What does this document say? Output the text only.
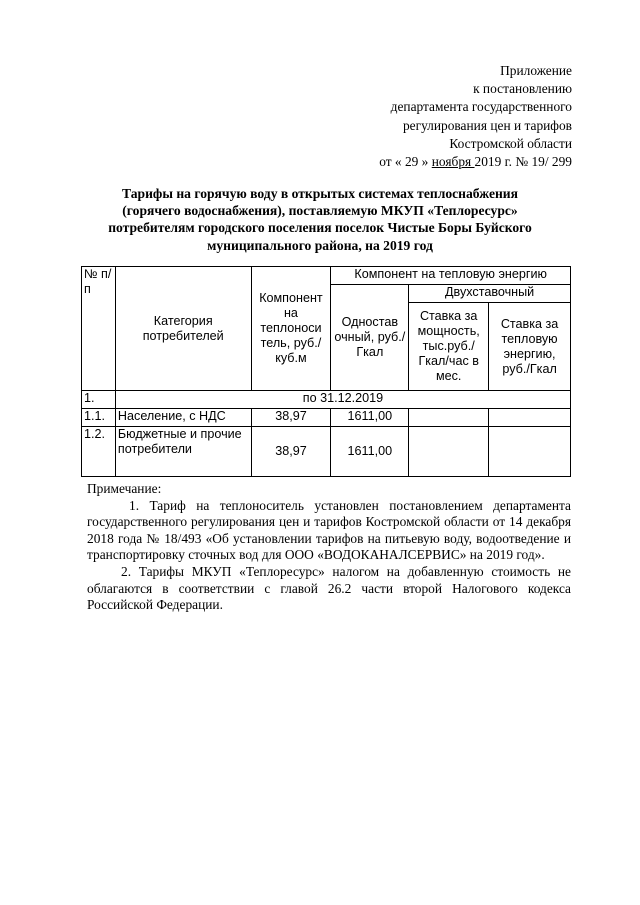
Приложение
к постановлению
департамента государственного
регулирования цен и тарифов
Костромской области
от « 29 » ноября 2019 г. № 19/ 299
Тарифы на горячую воду в открытых системах теплоснабжения
(горячего водоснабжения), поставляемую МКУП «Теплоресурс»
потребителям городского поселения поселок Чистые Боры Буйского
муниципального района, на 2019 год
№ п/п	Категория потребителей	Компонент на теплоноси тель, руб./куб.м	Компонент на тепловую энергию		
			Одностав очный, руб./Гкал	Двухставочный	
				Ставка за мощность, тыс.руб./ Гкал/час в мес.	Ставка за тепловую энергию, руб./Гкал
1.	по 31.12.2019				
1.1.	Население, с НДС	38,97	1611,00		
1.2.	Бюджетные и прочие потребители	38,97	1611,00		

Примечание:

1. Тариф на теплоноситель установлен постановлением департамента государственного регулирования цен и тарифов Костромской области от 14 декабря 2018 года № 18/493 «Об установлении тарифов на питьевую воду, водоотведение и транспортировку сточных вод для ООО «ВОДОКАНАЛСЕРВИС» на 2019 год».

2. Тарифы МКУП «Теплоресурс» налогом на добавленную стоимость не облагаются в соответствии с главой 26.2 части второй Налогового кодекса Российской Федерации.
